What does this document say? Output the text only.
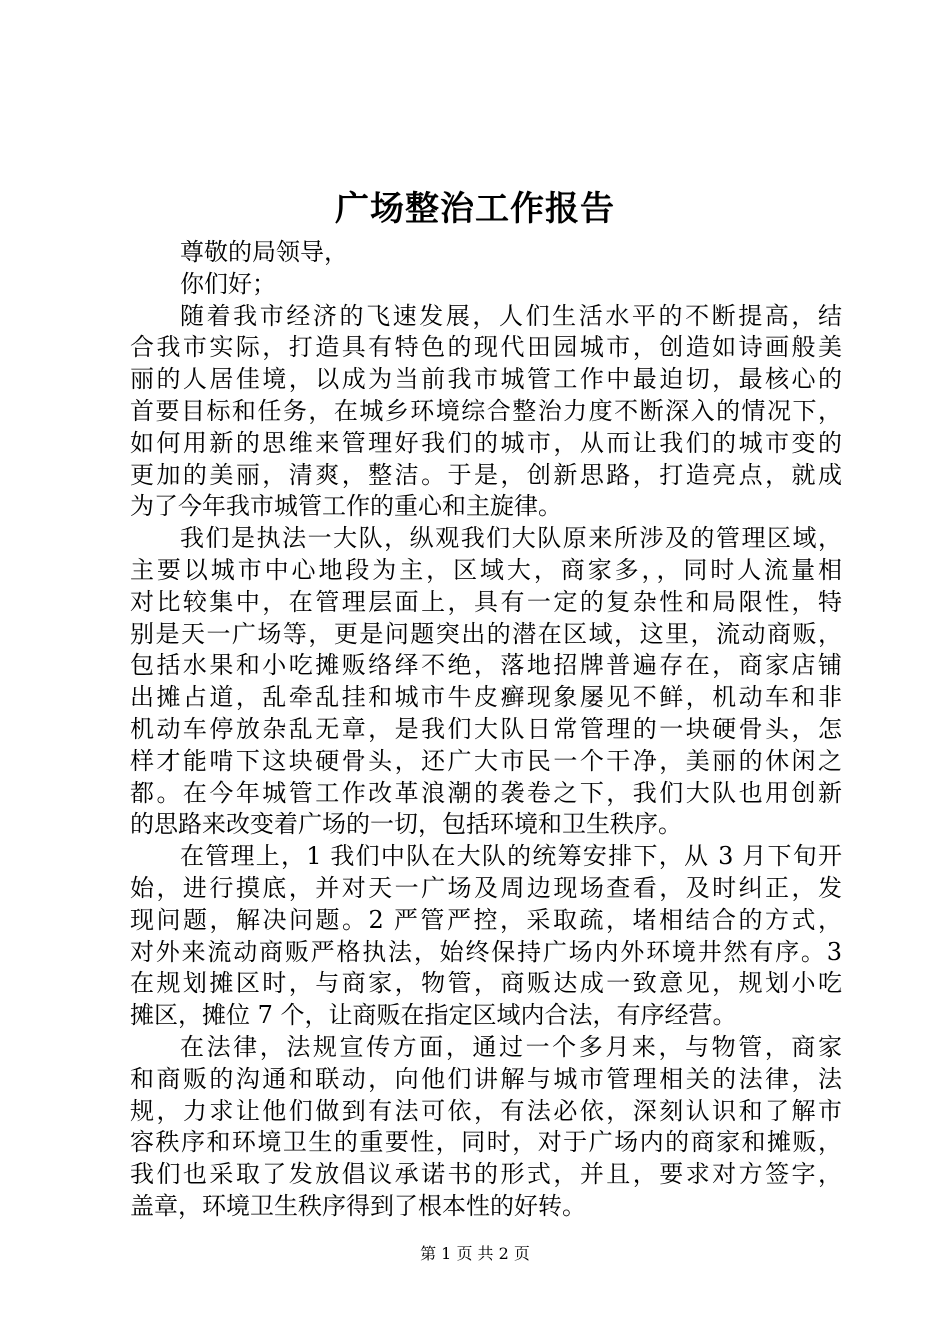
广场整治工作报告
尊敬的局领导，
你们好；
随着我市经济的飞速发展，人们生活水平的不断提高，结
合我市实际，打造具有特色的现代田园城市，创造如诗画般美
丽的人居佳境，以成为当前我市城管工作中最迫切，最核心的
首要目标和任务，在城乡环境综合整治力度不断深入的情况下，
如何用新的思维来管理好我们的城市，从而让我们的城市变的
更加的美丽，清爽，整洁。于是，创新思路，打造亮点，就成
为了今年我市城管工作的重心和主旋律。
我们是执法一大队，纵观我们大队原来所涉及的管理区域，
主要以城市中心地段为主，区域大，商家多，，同时人流量相
对比较集中，在管理层面上，具有一定的复杂性和局限性，特
别是天一广场等，更是问题突出的潜在区域，这里，流动商贩，
包括水果和小吃摊贩络绎不绝，落地招牌普遍存在，商家店铺
出摊占道，乱牵乱挂和城市牛皮癣现象屡见不鲜，机动车和非
机动车停放杂乱无章，是我们大队日常管理的一块硬骨头，怎
样才能啃下这块硬骨头，还广大市民一个干净，美丽的休闲之
都。在今年城管工作改革浪潮的袭卷之下，我们大队也用创新
的思路来改变着广场的一切，包括环境和卫生秩序。
在管理上，1 我们中队在大队的统筹安排下，从 3 月下旬开
始，进行摸底，并对天一广场及周边现场查看，及时纠正，发
现问题，解决问题。2 严管严控，采取疏，堵相结合的方式，
对外来流动商贩严格执法，始终保持广场内外环境井然有序。3
在规划摊区时，与商家，物管，商贩达成一致意见，规划小吃
摊区，摊位 7 个，让商贩在指定区域内合法，有序经营。
在法律，法规宣传方面，通过一个多月来，与物管，商家
和商贩的沟通和联动，向他们讲解与城市管理相关的法律，法
规，力求让他们做到有法可依，有法必依，深刻认识和了解市
容秩序和环境卫生的重要性，同时，对于广场内的商家和摊贩，
我们也采取了发放倡议承诺书的形式，并且，要求对方签字，
盖章，环境卫生秩序得到了根本性的好转。
第 1 页 共 2 页
